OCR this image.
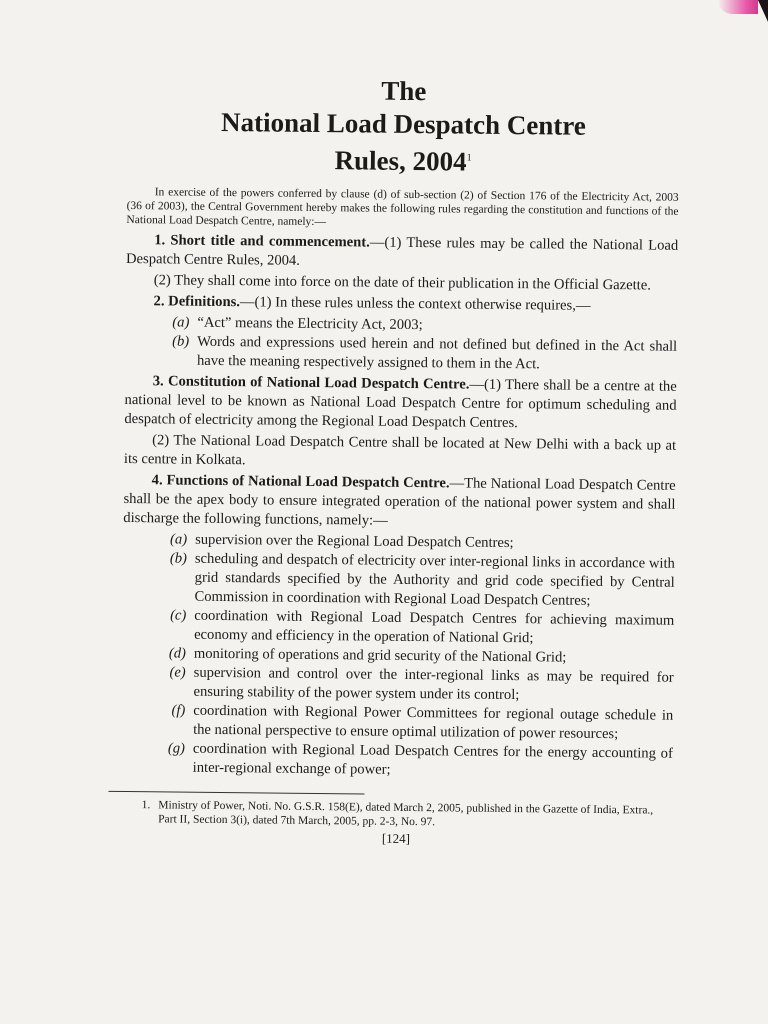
The
National Load Despatch Centre
Rules, 2004$^1$

In exercise of the powers conferred by clause (d) of sub-section (2) of Section 176 of the Electricity Act, 2003 (36 of 2003), the Central Government hereby makes the following rules regarding the constitution and functions of the National Load Despatch Centre, namely:—

1. Short title and commencement.—(1) These rules may be called the National Load Despatch Centre Rules, 2004.

(2) They shall come into force on the date of their publication in the Official Gazette.

2. Definitions.—(1) In these rules unless the context otherwise requires,—

(a) “Act” means the Electricity Act, 2003;
(b) Words and expressions used herein and not defined but defined in the Act shall have the meaning respectively assigned to them in the Act.

3. Constitution of National Load Despatch Centre.—(1) There shall be a centre at the national level to be known as National Load Despatch Centre for optimum scheduling and despatch of electricity among the Regional Load Despatch Centres.

(2) The National Load Despatch Centre shall be located at New Delhi with a back up at its centre in Kolkata.

4. Functions of National Load Despatch Centre.—The National Load Despatch Centre shall be the apex body to ensure integrated operation of the national power system and shall discharge the following functions, namely:—

(a) supervision over the Regional Load Despatch Centres;
(b) scheduling and despatch of electricity over inter-regional links in accordance with grid standards specified by the Authority and grid code specified by Central Commission in coordination with Regional Load Despatch Centres;
(c) coordination with Regional Load Despatch Centres for achieving maximum economy and efficiency in the operation of National Grid;
(d) monitoring of operations and grid security of the National Grid;
(e) supervision and control over the inter-regional links as may be required for ensuring stability of the power system under its control;
(f) coordination with Regional Power Committees for regional outage schedule in the national perspective to ensure optimal utilization of power resources;
(g) coordination with Regional Load Despatch Centres for the energy accounting of inter-regional exchange of power;
1. Ministry of Power, Noti. No. G.S.R. 158(E), dated March 2, 2005, published in the Gazette of India, Extra., Part II, Section 3(i), dated 7th March, 2005, pp. 2-3, No. 97.
[124]
